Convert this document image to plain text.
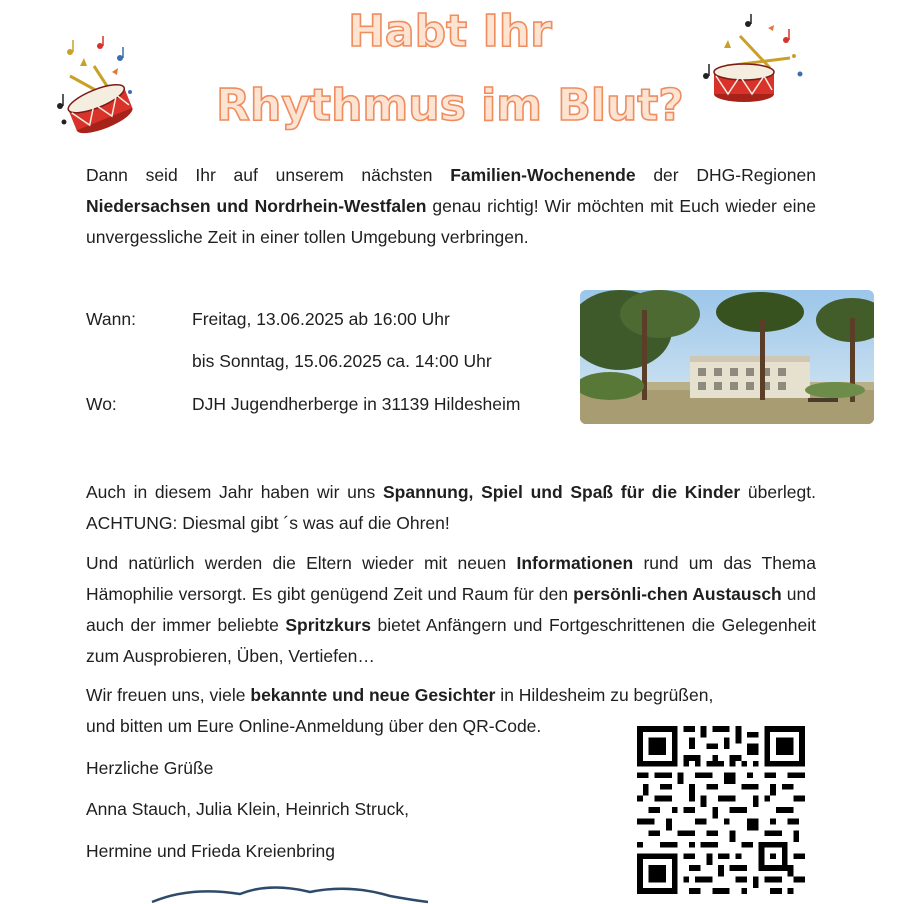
Habt Ihr
Rhythmus im Blut?
Dann seid Ihr auf unserem nächsten Familien-Wochenende der DHG-Regionen Niedersachsen und Nordrhein-Westfalen genau richtig! Wir möchten mit Euch wieder eine unvergessliche Zeit in einer tollen Umgebung verbringen.
Wann:	Freitag, 13.06.2025 ab 16:00 Uhr
bis Sonntag, 15.06.2025 ca. 14:00 Uhr
Wo:	DJH Jugendherberge in 31139 Hildesheim
Auch in diesem Jahr haben wir uns Spannung, Spiel und Spaß für die Kinder überlegt. ACHTUNG: Diesmal gibt ´s was auf die Ohren!
Und natürlich werden die Eltern wieder mit neuen Informationen rund um das Thema Hämophilie versorgt. Es gibt genügend Zeit und Raum für den persönli-chen Austausch und auch der immer beliebte Spritzkurs bietet Anfängern und Fortgeschrittenen die Gelegenheit zum Ausprobieren, Üben, Vertiefen…
Wir freuen uns, viele bekannte und neue Gesichter in Hildesheim zu begrüßen,
und bitten um Eure Online-Anmeldung über den QR-Code.
Herzliche Grüße
Anna Stauch, Julia Klein, Heinrich Struck,
Hermine und Frieda Kreienbring
